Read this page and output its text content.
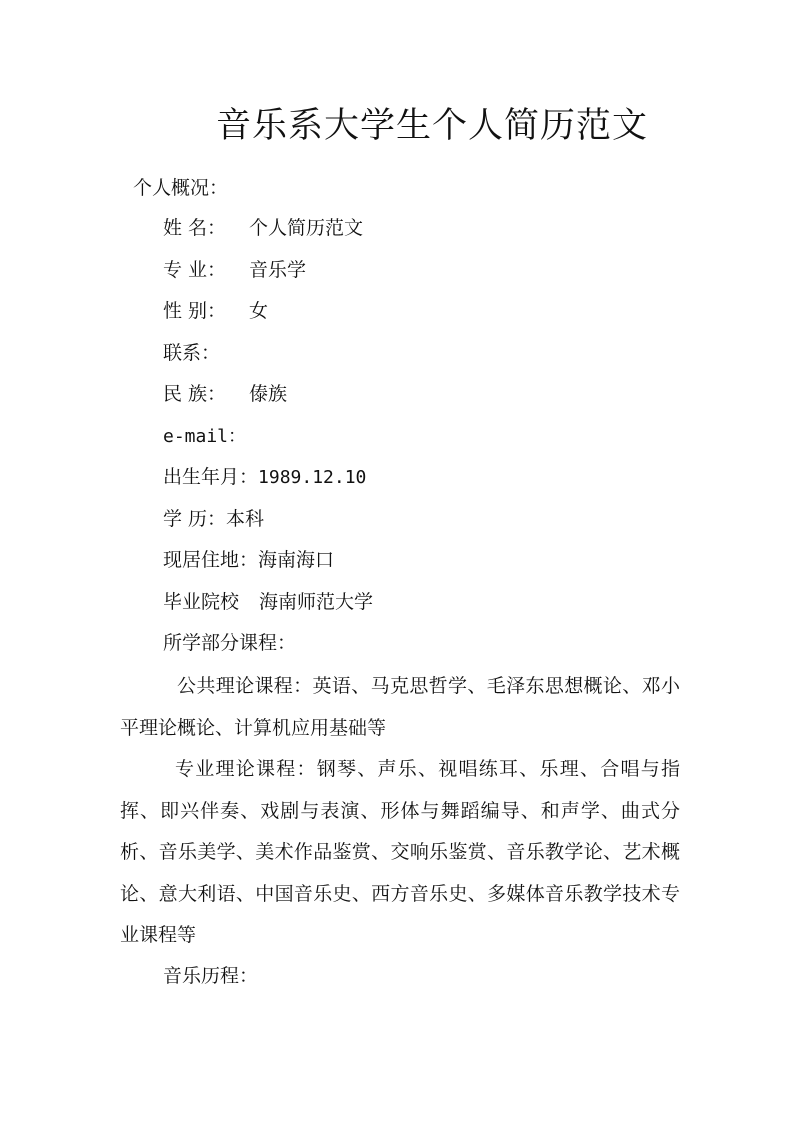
音乐系大学生个人简历范文
个人概况：
姓 名： 个人简历范文
专 业： 音乐学
性 别： 女
联系：
民 族： 傣族
e-mail：
出生年月：1989.12.10
学 历：本科
现居住地：海南海口
毕业院校 海南师范大学
所学部分课程：
公共理论课程：英语、马克思哲学、毛泽东思想概论、邓小平理论概论、计算机应用基础等
专业理论课程：钢琴、声乐、视唱练耳、乐理、合唱与指挥、即兴伴奏、戏剧与表演、形体与舞蹈编导、和声学、曲式分析、音乐美学、美术作品鉴赏、交响乐鉴赏、音乐教学论、艺术概论、意大利语、中国音乐史、西方音乐史、多媒体音乐教学技术专业课程等
音乐历程：
